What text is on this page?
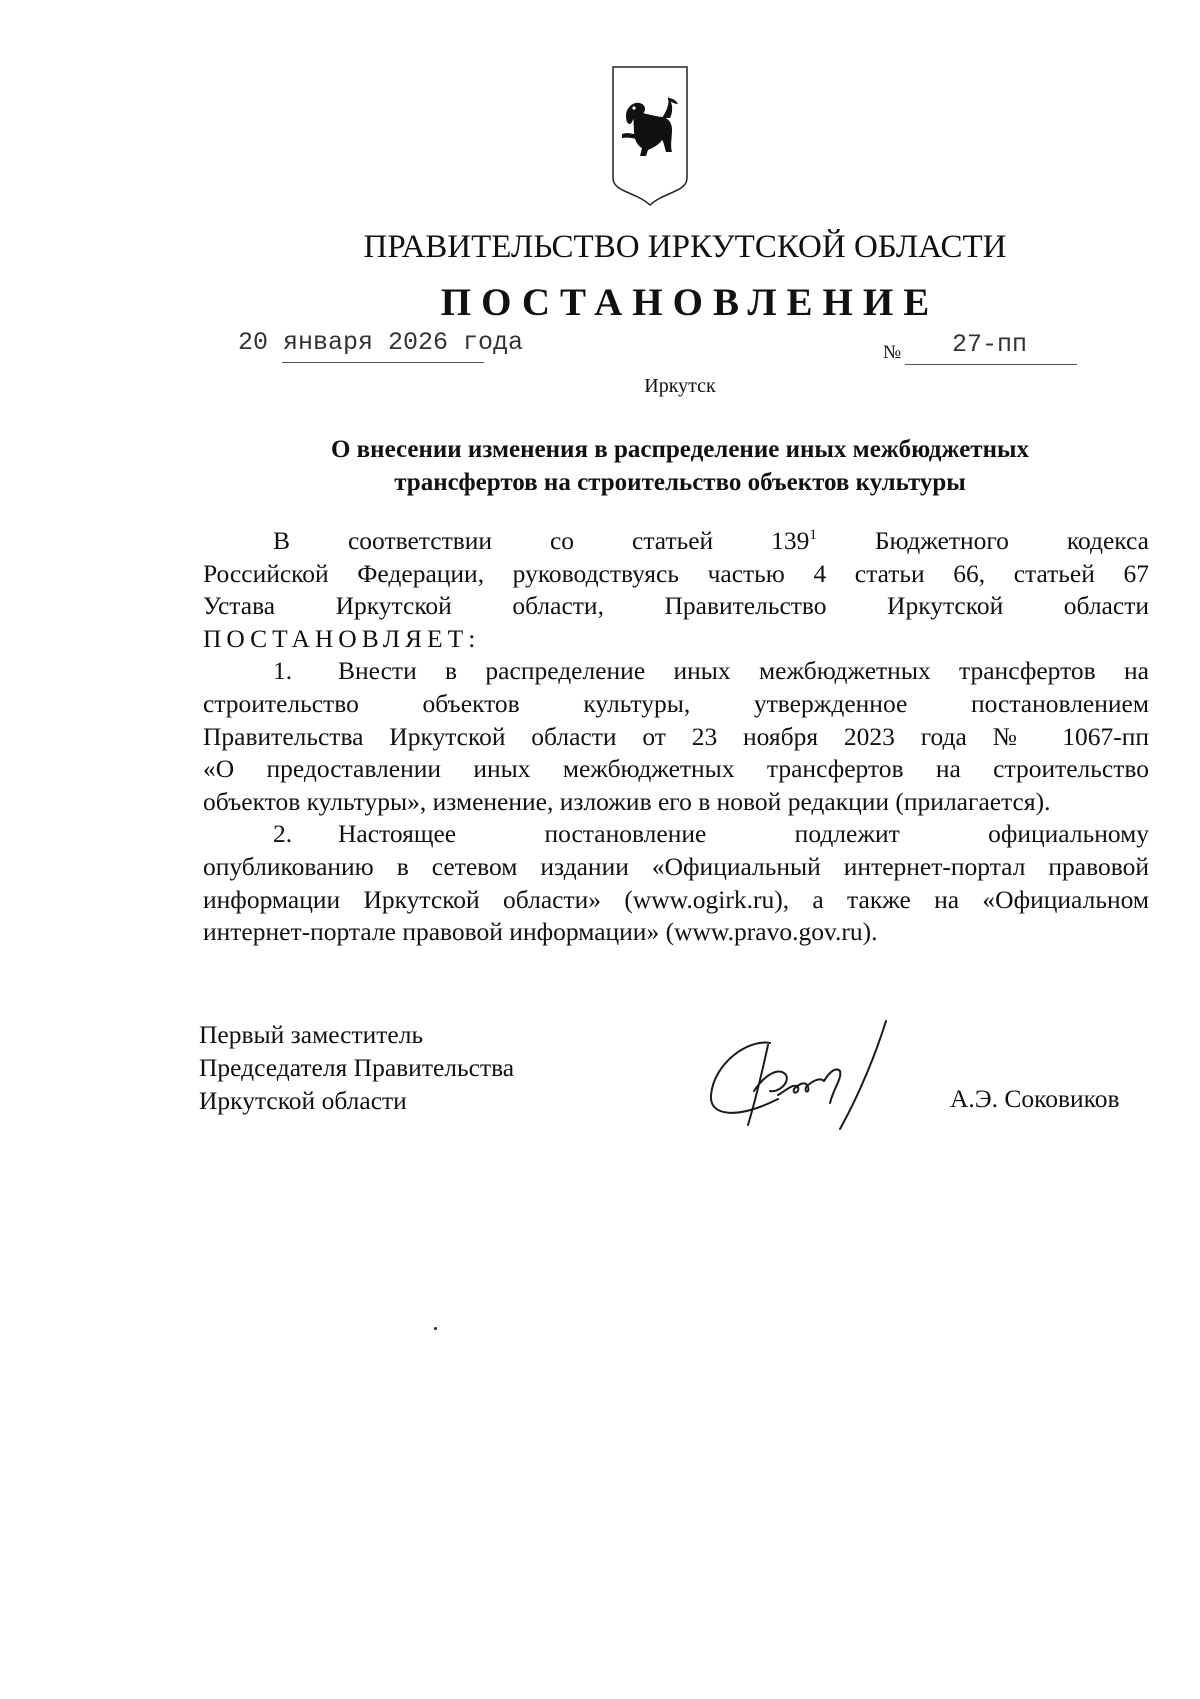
ПРАВИТЕЛЬСТВО ИРКУТСКОЙ ОБЛАСТИ
ПОСТАНОВЛЕНИЕ
20 января 2026 года	№ 27-пп
Иркутск
О внесении изменения в распределение иных межбюджетных
трансфертов на строительство объектов культуры

В соответствии со статьей $139^1$ Бюджетного кодекса

Российской Федерации, руководствуясь частью 4 статьи 66, статьей 67

Устава Иркутской области, Правительство Иркутской области

ПОСТАНОВЛЯЕТ:

1. Внести в распределение иных межбюджетных трансфертов на

строительство объектов культуры, утвержденное постановлением

Правительства Иркутской области от 23 ноября 2023 года № 1067-пп

«О предоставлении иных межбюджетных трансфертов на строительство

объектов культуры», изменение, изложив его в новой редакции (прилагается).

2. Настоящее постановление подлежит официальному

опубликованию в сетевом издании «Официальный интернет-портал правовой

информации Иркутской области» (www.ogirk.ru), а также на «Официальном

интернет-портале правовой информации» (www.pravo.gov.ru).

Первый заместитель
Председателя Правительства
Иркутской области	А.Э. Соковиков
